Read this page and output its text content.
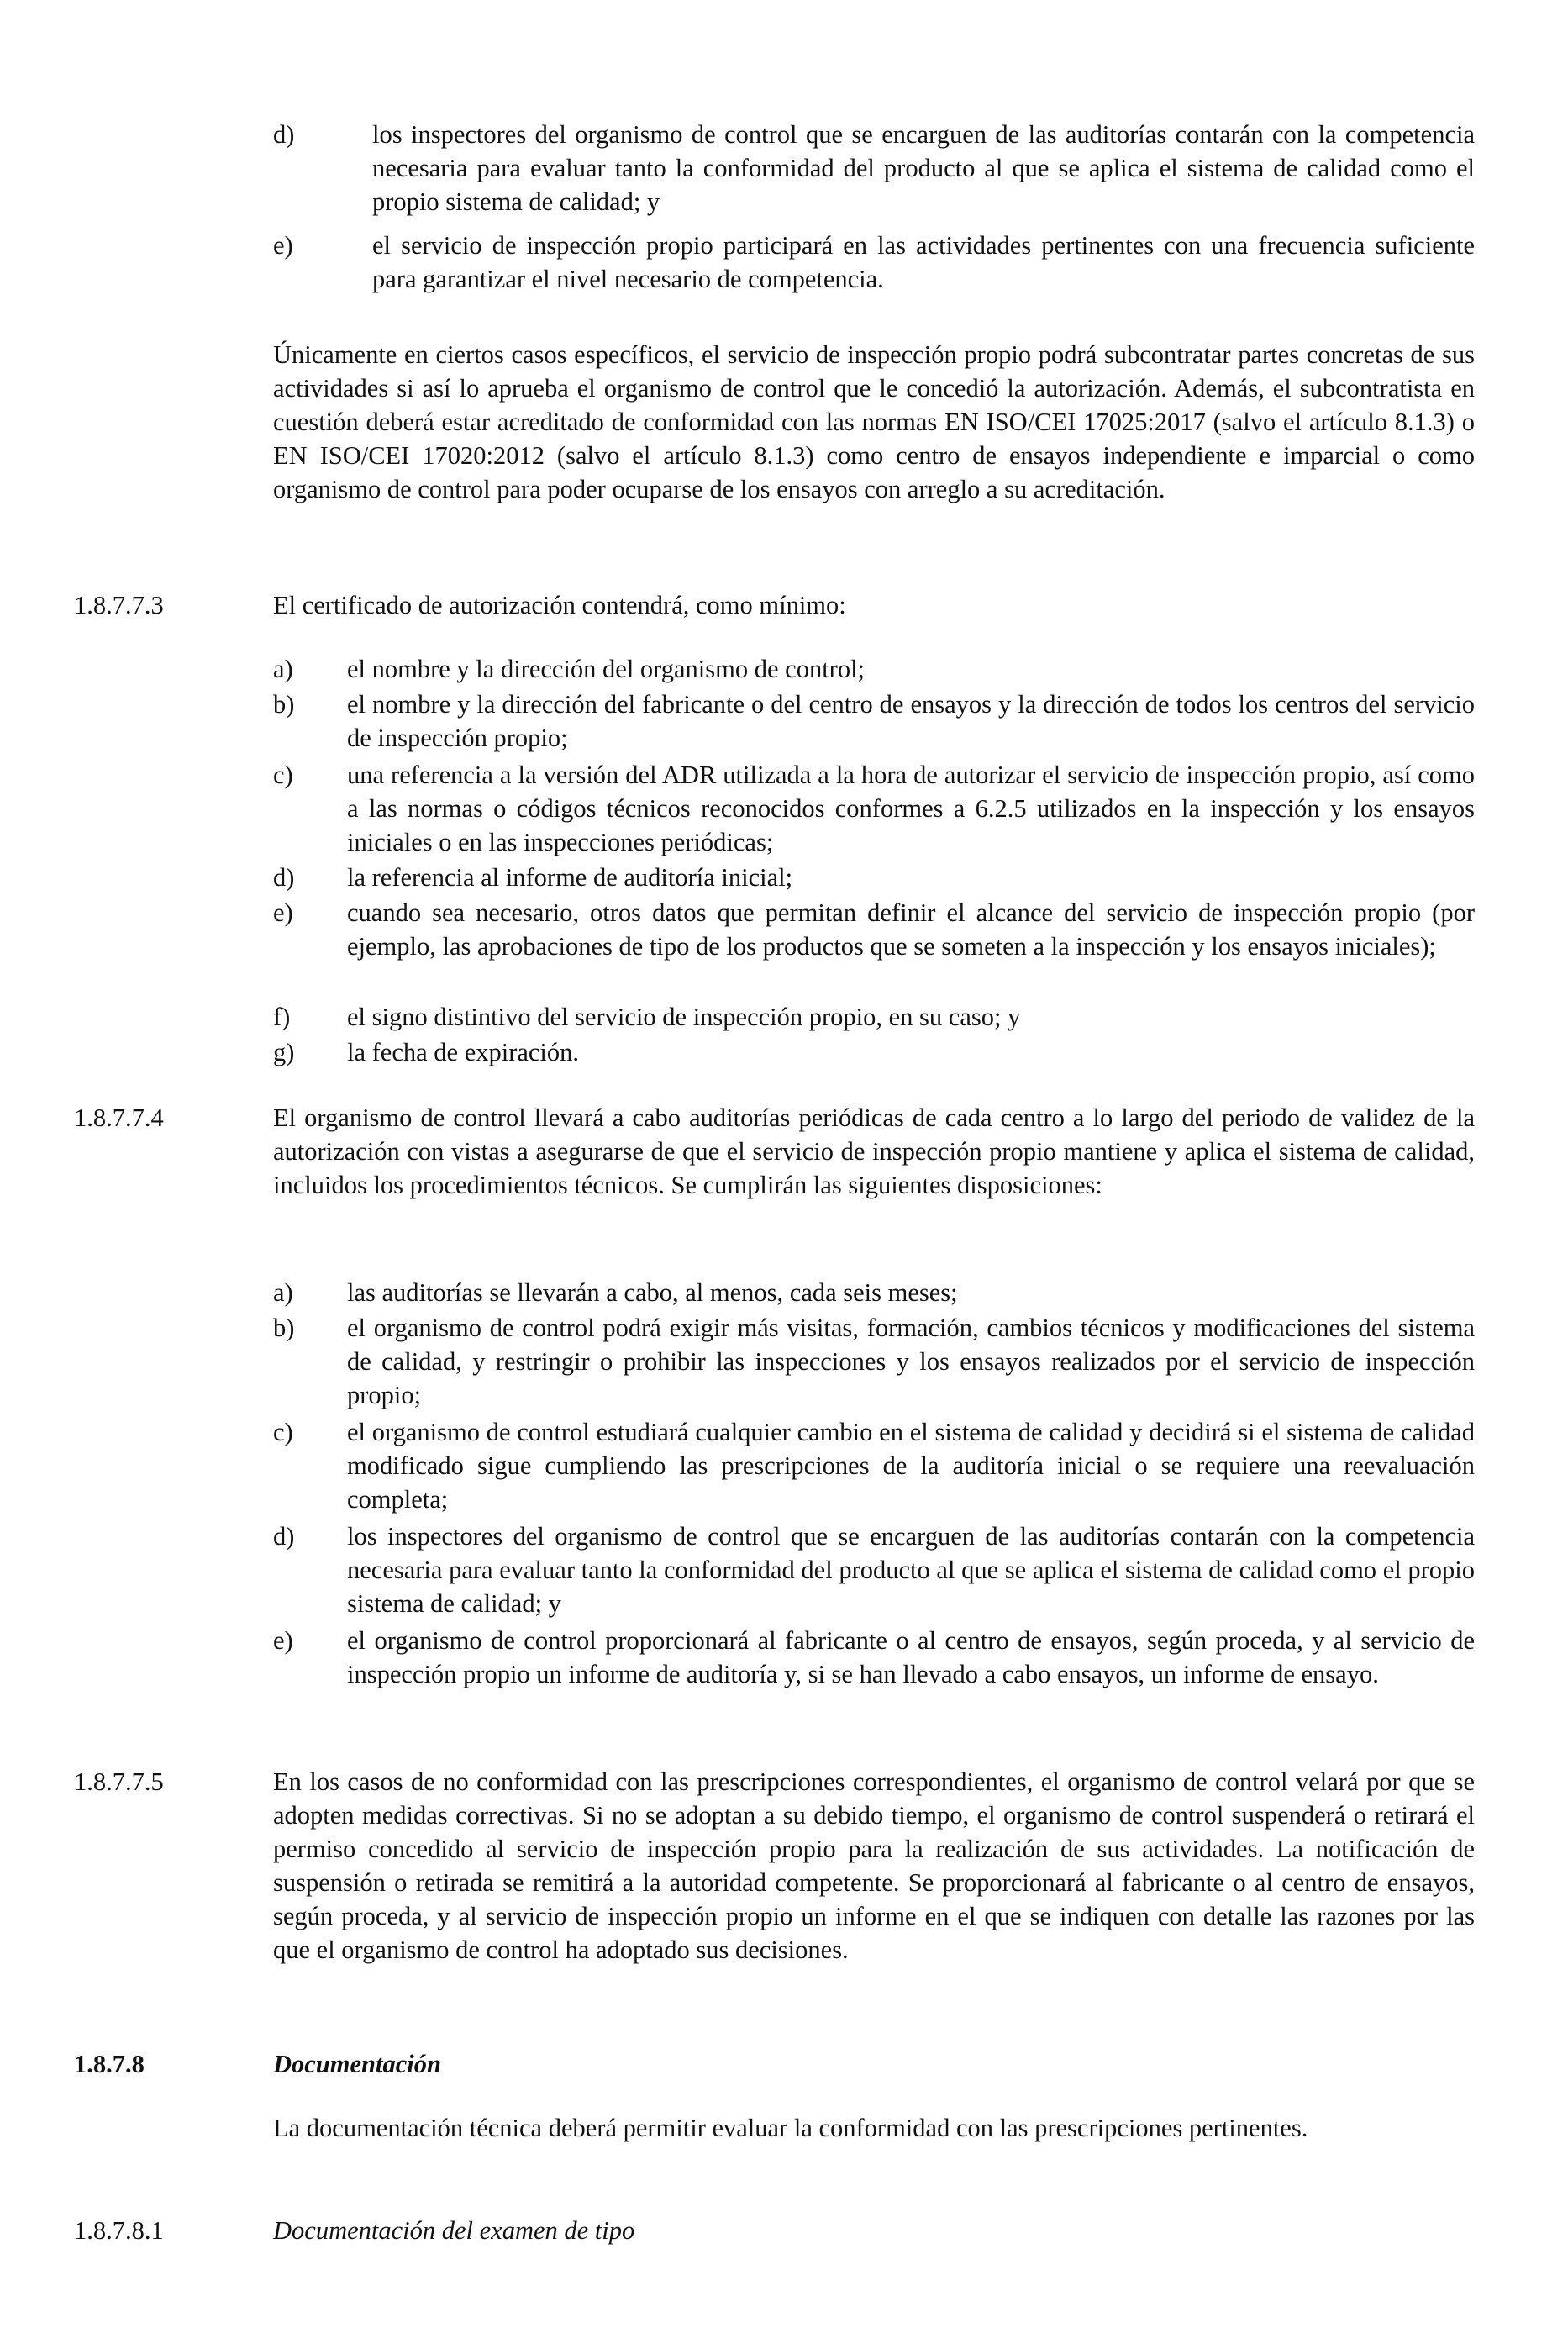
d)	los inspectores del organismo de control que se encarguen de las auditorías contarán con la competencia necesaria para evaluar tanto la conformidad del producto al que se aplica el sistema de calidad como el propio sistema de calidad; y
e)	el servicio de inspección propio participará en las actividades pertinentes con una frecuencia suficiente para garantizar el nivel necesario de competencia.
Únicamente en ciertos casos específicos, el servicio de inspección propio podrá subcontratar partes concretas de sus actividades si así lo aprueba el organismo de control que le concedió la autorización. Además, el subcontratista en cuestión deberá estar acreditado de conformidad con las normas EN ISO/CEI 17025:2017 (salvo el artículo 8.1.3) o EN ISO/CEI 17020:2012 (salvo el artículo 8.1.3) como centro de ensayos independiente e imparcial o como organismo de control para poder ocuparse de los ensayos con arreglo a su acreditación.
1.8.7.7.3	El certificado de autorización contendrá, como mínimo:
a) el nombre y la dirección del organismo de control;
b) el nombre y la dirección del fabricante o del centro de ensayos y la dirección de todos los centros del servicio de inspección propio;
c) una referencia a la versión del ADR utilizada a la hora de autorizar el servicio de inspección propio, así como a las normas o códigos técnicos reconocidos conformes a 6.2.5 utilizados en la inspección y los ensayos iniciales o en las inspecciones periódicas;
d) la referencia al informe de auditoría inicial;
e) cuando sea necesario, otros datos que permitan definir el alcance del servicio de inspección propio (por ejemplo, las aprobaciones de tipo de los productos que se someten a la inspección y los ensayos iniciales);
f) el signo distintivo del servicio de inspección propio, en su caso; y
g) la fecha de expiración.
1.8.7.7.4	El organismo de control llevará a cabo auditorías periódicas de cada centro a lo largo del periodo de validez de la autorización con vistas a asegurarse de que el servicio de inspección propio mantiene y aplica el sistema de calidad, incluidos los procedimientos técnicos. Se cumplirán las siguientes disposiciones:
a) las auditorías se llevarán a cabo, al menos, cada seis meses;
b) el organismo de control podrá exigir más visitas, formación, cambios técnicos y modificaciones del sistema de calidad, y restringir o prohibir las inspecciones y los ensayos realizados por el servicio de inspección propio;
c) el organismo de control estudiará cualquier cambio en el sistema de calidad y decidirá si el sistema de calidad modificado sigue cumpliendo las prescripciones de la auditoría inicial o se requiere una reevaluación completa;
d) los inspectores del organismo de control que se encarguen de las auditorías contarán con la competencia necesaria para evaluar tanto la conformidad del producto al que se aplica el sistema de calidad como el propio sistema de calidad; y
e) el organismo de control proporcionará al fabricante o al centro de ensayos, según proceda, y al servicio de inspección propio un informe de auditoría y, si se han llevado a cabo ensayos, un informe de ensayo.
1.8.7.7.5	En los casos de no conformidad con las prescripciones correspondientes, el organismo de control velará por que se adopten medidas correctivas. Si no se adoptan a su debido tiempo, el organismo de control suspenderá o retirará el permiso concedido al servicio de inspección propio para la realización de sus actividades. La notificación de suspensión o retirada se remitirá a la autoridad competente. Se proporcionará al fabricante o al centro de ensayos, según proceda, y al servicio de inspección propio un informe en el que se indiquen con detalle las razones por las que el organismo de control ha adoptado sus decisiones.
1.8.7.8	Documentación
La documentación técnica deberá permitir evaluar la conformidad con las prescripciones pertinentes.
1.8.7.8.1	Documentación del examen de tipo
